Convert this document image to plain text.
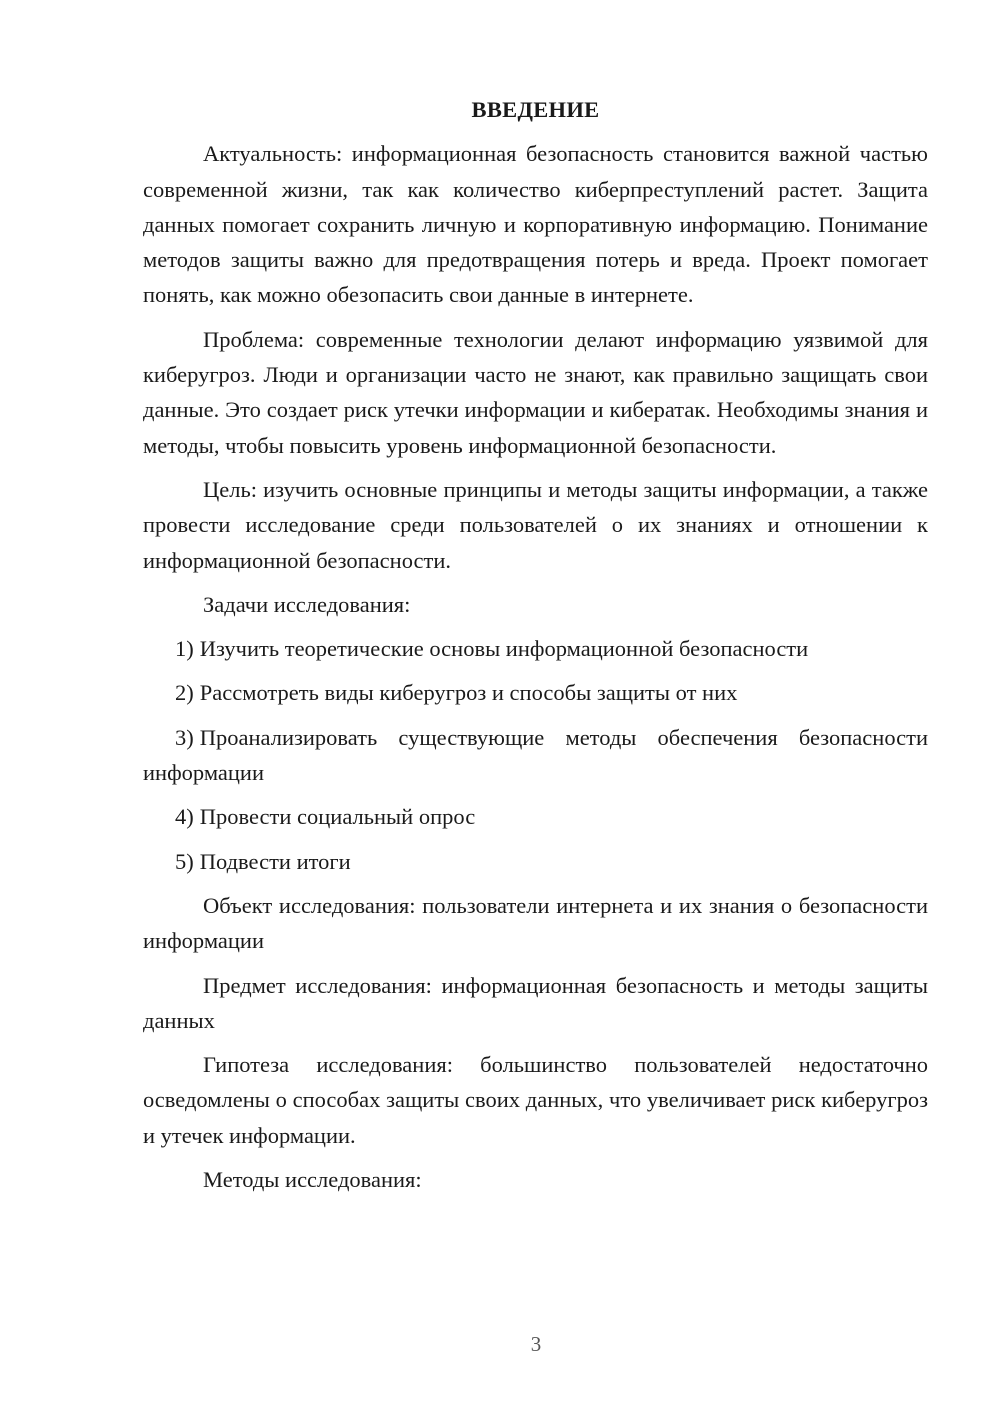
ВВЕДЕНИЕ

Актуальность: информационная безопасность становится важной частью современной жизни, так как количество киберпреступлений растет. Защита данных помогает сохранить личную и корпоративную информацию. Понимание методов защиты важно для предотвращения потерь и вреда. Проект помогает понять, как можно обезопасить свои данные в интернете.

Проблема: современные технологии делают информацию уязвимой для киберугроз. Люди и организации часто не знают, как правильно защищать свои данные. Это создает риск утечки информации и кибератак. Необходимы знания и методы, чтобы повысить уровень информационной безопасности.

Цель: изучить основные принципы и методы защиты информации, а также провести исследование среди пользователей о их знаниях и отношении к информационной безопасности.

Задачи исследования:

1) Изучить теоретические основы информационной безопасности
2) Рассмотреть виды киберугроз и способы защиты от них
3) Проанализировать существующие методы обеспечения безопасности информации
4) Провести социальный опрос
5) Подвести итоги

Объект исследования: пользователи интернета и их знания о безопасности информации

Предмет исследования: информационная безопасность и методы защиты данных

Гипотеза исследования: большинство пользователей недостаточно осведомлены о способах защиты своих данных, что увеличивает риск киберугроз и утечек информации.

Методы исследования:

3
